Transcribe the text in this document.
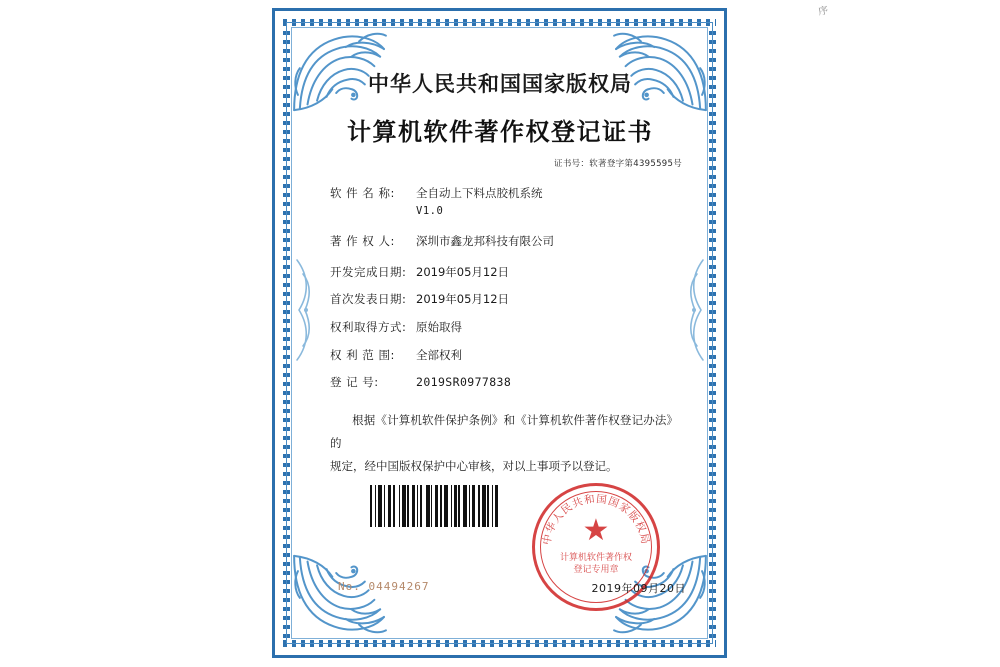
序
中华人民共和国国家版权局
计算机软件著作权登记证书
证书号：软著登字第4395595号
软 件 名 称:	全自动上下料点胶机系统
V1.0
著 作 权 人:	深圳市鑫龙邦科技有限公司
开发完成日期: 2019年05月12日
首次发表日期: 2019年05月12日
权利取得方式: 原始取得
权 利 范 围:	全部权利
登 记 号:	2019SR0977838
根据《计算机软件保护条例》和《计算机软件著作权登记办法》的
规定，经中国版权保护中心审核，对以上事项予以登记。
中华人民共和国国家版权局
★
计算机软件著作权
登记专用章
No. 04494267	2019年09月20日
